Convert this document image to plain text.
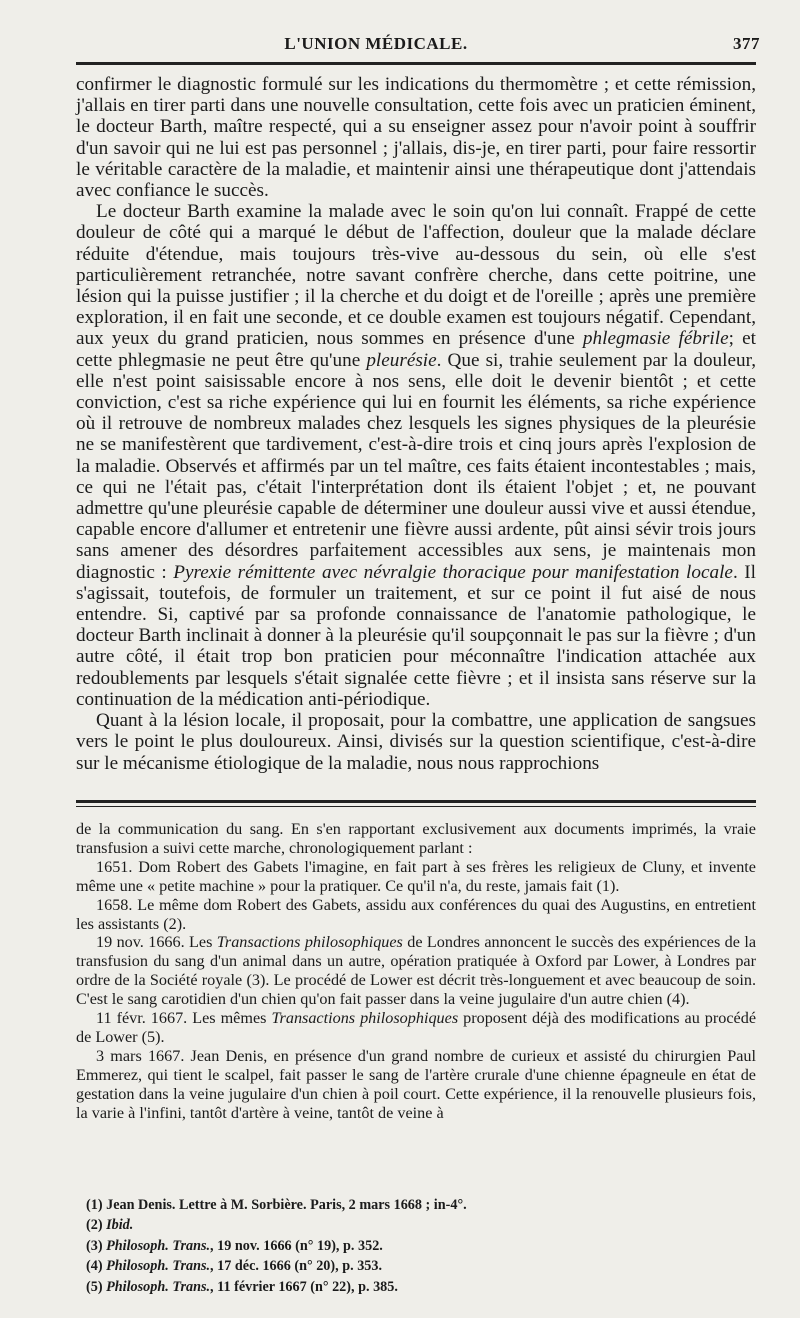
L'UNION MÉDICALE.	377

confirmer le diagnostic formulé sur les indications du thermomètre ; et cette rémission, j'allais en tirer parti dans une nouvelle consultation, cette fois avec un praticien éminent, le docteur Barth, maître respecté, qui a su enseigner assez pour n'avoir point à souffrir d'un savoir qui ne lui est pas personnel ; j'allais, dis-je, en tirer parti, pour faire ressortir le véritable caractère de la maladie, et maintenir ainsi une thérapeutique dont j'attendais avec confiance le succès.

Le docteur Barth examine la malade avec le soin qu'on lui connaît. Frappé de cette douleur de côté qui a marqué le début de l'affection, douleur que la malade déclare réduite d'étendue, mais toujours très-vive au-dessous du sein, où elle s'est particulièrement retranchée, notre savant confrère cherche, dans cette poitrine, une lésion qui la puisse justifier ; il la cherche et du doigt et de l'oreille ; après une première exploration, il en fait une seconde, et ce double examen est toujours négatif. Cependant, aux yeux du grand praticien, nous sommes en présence d'une phlegmasie fébrile; et cette phlegmasie ne peut être qu'une pleurésie. Que si, trahie seulement par la douleur, elle n'est point saisissable encore à nos sens, elle doit le devenir bientôt ; et cette conviction, c'est sa riche expérience qui lui en fournit les éléments, sa riche expérience où il retrouve de nombreux malades chez lesquels les signes physiques de la pleurésie ne se manifestèrent que tardivement, c'est-à-dire trois et cinq jours après l'explosion de la maladie. Observés et affirmés par un tel maître, ces faits étaient incontestables ; mais, ce qui ne l'était pas, c'était l'interprétation dont ils étaient l'objet ; et, ne pouvant admettre qu'une pleurésie capable de déterminer une douleur aussi vive et aussi étendue, capable encore d'allumer et entretenir une fièvre aussi ardente, pût ainsi sévir trois jours sans amener des désordres parfaitement accessibles aux sens, je maintenais mon diagnostic : Pyrexie rémittente avec névralgie thoracique pour manifestation locale. Il s'agissait, toutefois, de formuler un traitement, et sur ce point il fut aisé de nous entendre. Si, captivé par sa profonde connaissance de l'anatomie pathologique, le docteur Barth inclinait à donner à la pleurésie qu'il soupçonnait le pas sur la fièvre ; d'un autre côté, il était trop bon praticien pour méconnaître l'indication attachée aux redoublements par lesquels s'était signalée cette fièvre ; et il insista sans réserve sur la continuation de la médication anti-périodique.

Quant à la lésion locale, il proposait, pour la combattre, une application de sangsues vers le point le plus douloureux. Ainsi, divisés sur la question scientifique, c'est-à-dire sur le mécanisme étiologique de la maladie, nous nous rapprochions

de la communication du sang. En s'en rapportant exclusivement aux documents imprimés, la vraie transfusion a suivi cette marche, chronologiquement parlant :

1651. Dom Robert des Gabets l'imagine, en fait part à ses frères les religieux de Cluny, et invente même une « petite machine » pour la pratiquer. Ce qu'il n'a, du reste, jamais fait (1).

1658. Le même dom Robert des Gabets, assidu aux conférences du quai des Augustins, en entretient les assistants (2).

19 nov. 1666. Les Transactions philosophiques de Londres annoncent le succès des expériences de la transfusion du sang d'un animal dans un autre, opération pratiquée à Oxford par Lower, à Londres par ordre de la Société royale (3). Le procédé de Lower est décrit très-longuement et avec beaucoup de soin. C'est le sang carotidien d'un chien qu'on fait passer dans la veine jugulaire d'un autre chien (4).

11 févr. 1667. Les mêmes Transactions philosophiques proposent déjà des modifications au procédé de Lower (5).

3 mars 1667. Jean Denis, en présence d'un grand nombre de curieux et assisté du chirurgien Paul Emmerez, qui tient le scalpel, fait passer le sang de l'artère crurale d'une chienne épagneule en état de gestation dans la veine jugulaire d'un chien à poil court. Cette expérience, il la renouvelle plusieurs fois, la varie à l'infini, tantôt d'artère à veine, tantôt de veine à

(1) Jean Denis. Lettre à M. Sorbière. Paris, 2 mars 1668 ; in-4°.
(2) Ibid.
(3) Philosoph. Trans., 19 nov. 1666 (n° 19), p. 352.
(4) Philosoph. Trans., 17 déc. 1666 (n° 20), p. 353.
(5) Philosoph. Trans., 11 février 1667 (n° 22), p. 385.
